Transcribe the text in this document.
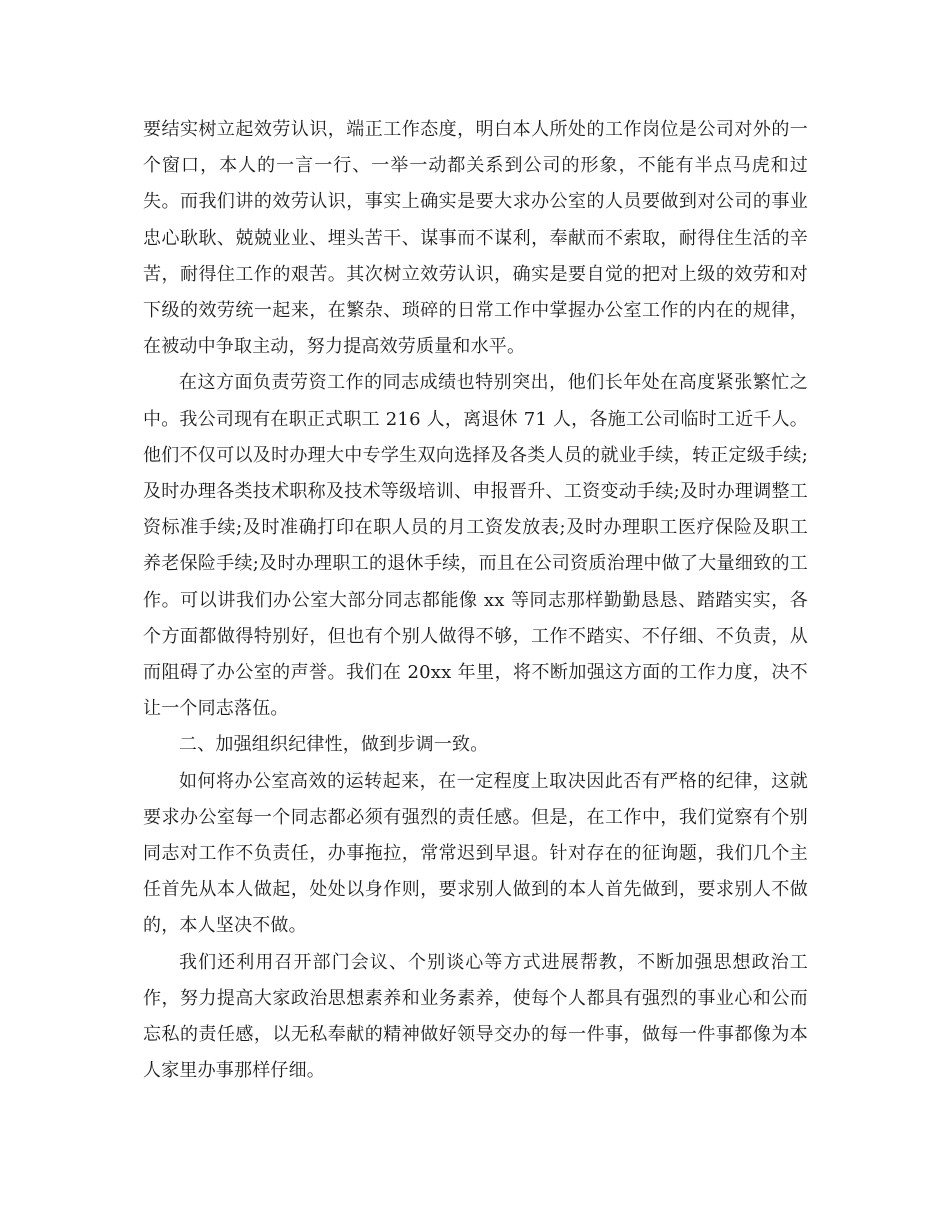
要结实树立起效劳认识，端正工作态度，明白本人所处的工作岗位是公司对外的一个窗口，本人的一言一行、一举一动都关系到公司的形象，不能有半点马虎和过失。而我们讲的效劳认识，事实上确实是要大求办公室的人员要做到对公司的事业忠心耿耿、兢兢业业、埋头苦干、谋事而不谋利，奉献而不索取，耐得住生活的辛苦，耐得住工作的艰苦。其次树立效劳认识，确实是要自觉的把对上级的效劳和对下级的效劳统一起来，在繁杂、琐碎的日常工作中掌握办公室工作的内在的规律，在被动中争取主动，努力提高效劳质量和水平。

在这方面负责劳资工作的同志成绩也特别突出，他们长年处在高度紧张繁忙之中。我公司现有在职正式职工 216 人，离退休 71 人，各施工公司临时工近千人。他们不仅可以及时办理大中专学生双向选择及各类人员的就业手续，转正定级手续;及时办理各类技术职称及技术等级培训、申报晋升、工资变动手续;及时办理调整工资标准手续;及时准确打印在职人员的月工资发放表;及时办理职工医疗保险及职工养老保险手续;及时办理职工的退休手续，而且在公司资质治理中做了大量细致的工作。可以讲我们办公室大部分同志都能像 xx 等同志那样勤勤恳恳、踏踏实实，各个方面都做得特别好，但也有个别人做得不够，工作不踏实、不仔细、不负责，从而阻碍了办公室的声誉。我们在 20xx 年里，将不断加强这方面的工作力度，决不让一个同志落伍。

二、加强组织纪律性，做到步调一致。

如何将办公室高效的运转起来，在一定程度上取决因此否有严格的纪律，这就要求办公室每一个同志都必须有强烈的责任感。但是，在工作中，我们觉察有个别同志对工作不负责任，办事拖拉，常常迟到早退。针对存在的征询题，我们几个主任首先从本人做起，处处以身作则，要求别人做到的本人首先做到，要求别人不做的，本人坚决不做。

我们还利用召开部门会议、个别谈心等方式进展帮教，不断加强思想政治工作，努力提高大家政治思想素养和业务素养，使每个人都具有强烈的事业心和公而忘私的责任感，以无私奉献的精神做好领导交办的每一件事，做每一件事都像为本人家里办事那样仔细。
